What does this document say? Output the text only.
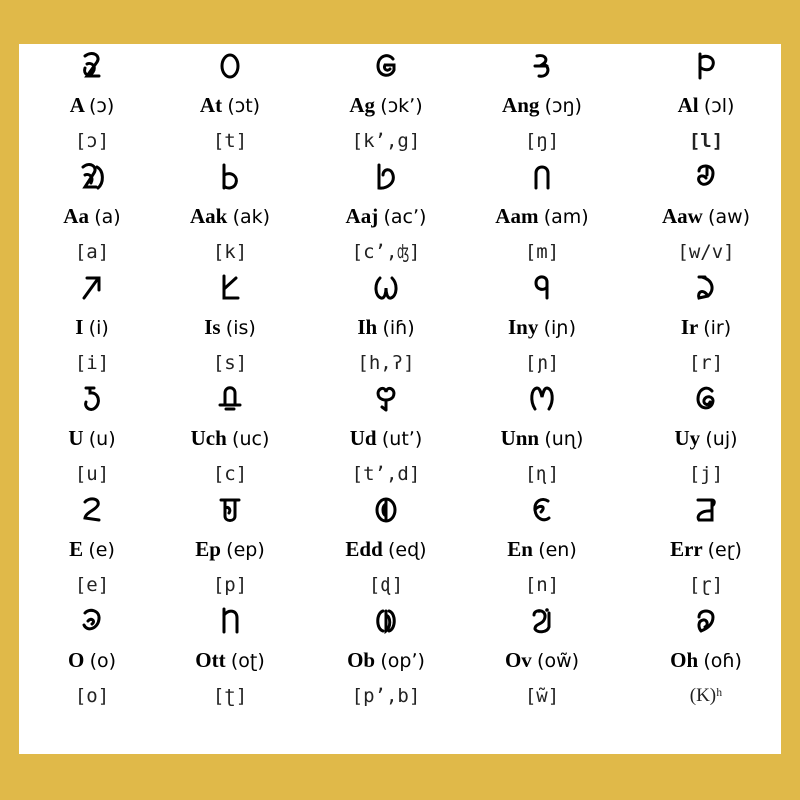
A (ɔ)
[ɔ]
At (ɔt)
[t]
Ag (ɔkʼ)
[kʼ,g]
Ang (ɔŋ)
[ŋ]
Al (ɔl)
[l]
Aa (a)
[a]
Aak (ak)
[k]
Aaj (acʼ)
[cʼ,ʤ]
Aam (am)
[m]
Aaw (aw)
[w/v]
I (i)
[i]
Is (is)
[s]
Ih (iɦ)
[h,ʔ]
Iny (iɲ)
[ɲ]
Ir (ir)
[r]
U (u)
[u]
Uch (uc)
[c]
Ud (utʼ)
[tʼ,d]
Unn (uɳ)
[ɳ]
Uy (uj)
[j]
E (e)
[e]
Ep (ep)
[p]
Edd (eɖ)
[ɖ]
En (en)
[n]
Err (eɽ)
[ɽ]
O (o)
[o]
Ott (oʈ)
[ʈ]
Ob (opʼ)
[pʼ,b]
Ov (ow̃)
[w̃]
Oh (oɦ)
(K)ʰ
